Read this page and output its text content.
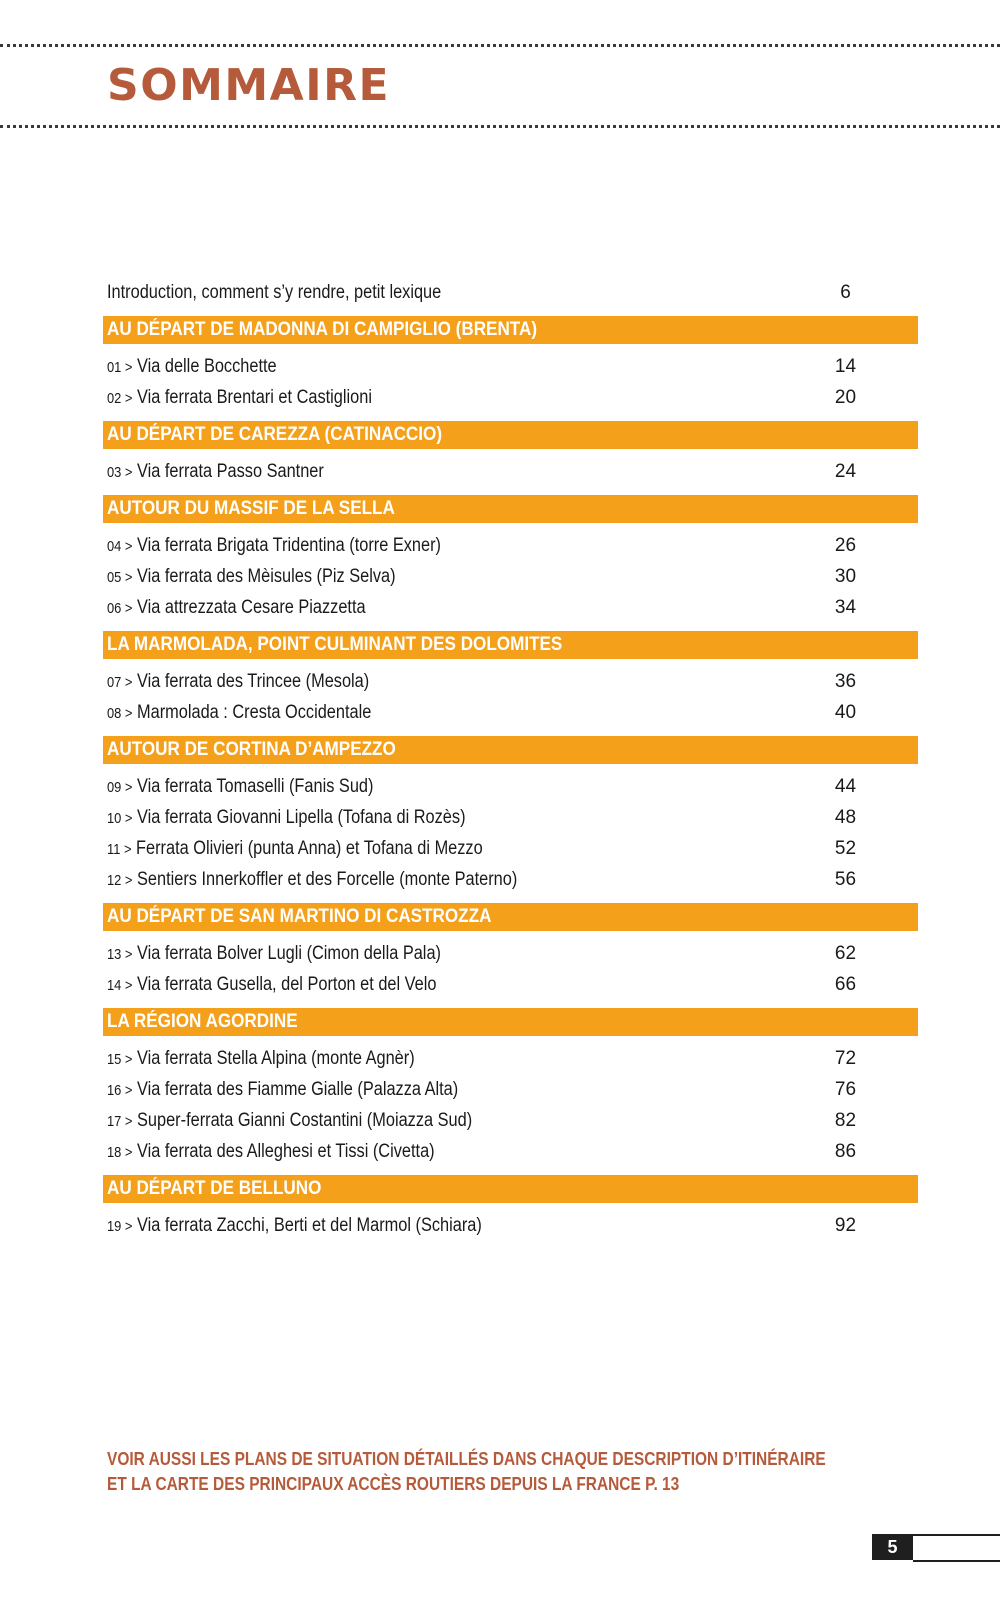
SOMMAIRE
Introduction, comment s’y rendre, petit lexique	6
AU DÉPART DE MADONNA DI CAMPIGLIO (BRENTA)
01 > Via delle Bocchette	14
02 > Via ferrata Brentari et Castiglioni	20
AU DÉPART DE CAREZZA (CATINACCIO)
03 > Via ferrata Passo Santner	24
AUTOUR DU MASSIF DE LA SELLA
04 > Via ferrata Brigata Tridentina (torre Exner)	26
05 > Via ferrata des Mèisules (Piz Selva)	30
06 > Via attrezzata Cesare Piazzetta	34
LA MARMOLADA, POINT CULMINANT DES DOLOMITES
07 > Via ferrata des Trincee (Mesola)	36
08 > Marmolada : Cresta Occidentale	40
AUTOUR DE CORTINA D’AMPEZZO
09 > Via ferrata Tomaselli (Fanis Sud)	44
10 > Via ferrata Giovanni Lipella (Tofana di Rozès)	48
11 > Ferrata Olivieri (punta Anna) et Tofana di Mezzo	52
12 > Sentiers Innerkoffler et des Forcelle (monte Paterno)	56
AU DÉPART DE SAN MARTINO DI CASTROZZA
13 > Via ferrata Bolver Lugli (Cimon della Pala)	62
14 > Via ferrata Gusella, del Porton et del Velo	66
LA RÉGION AGORDINE
15 > Via ferrata Stella Alpina (monte Agnèr)	72
16 > Via ferrata des Fiamme Gialle (Palazza Alta)	76
17 > Super-ferrata Gianni Costantini (Moiazza Sud)	82
18 > Via ferrata des Alleghesi et Tissi (Civetta)	86
AU DÉPART DE BELLUNO
19 > Via ferrata Zacchi, Berti et del Marmol (Schiara)	92
VOIR AUSSI LES PLANS DE SITUATION DÉTAILLÉS DANS CHAQUE DESCRIPTION D’ITINÉRAIRE
ET LA CARTE DES PRINCIPAUX ACCÈS ROUTIERS DEPUIS LA FRANCE P. 13
5
